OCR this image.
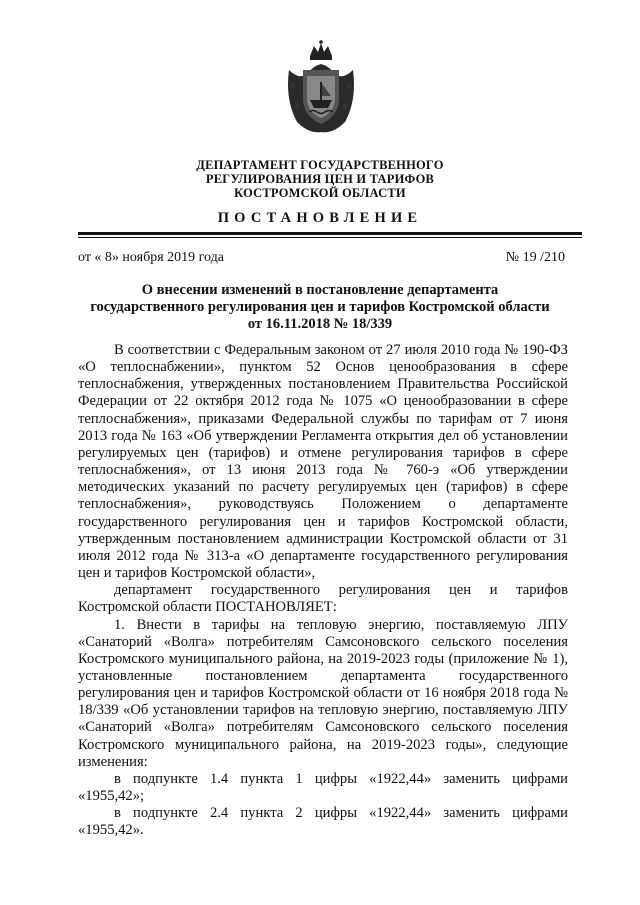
ДЕПАРТАМЕНТ ГОСУДАРСТВЕННОГО
РЕГУЛИРОВАНИЯ ЦЕН И ТАРИФОВ
КОСТРОМСКОЙ ОБЛАСТИ
ПОСТАНОВЛЕНИЕ
от « 8» ноября 2019 года	№ 19 /210
О внесении изменений в постановление департамента
государственного регулирования цен и тарифов Костромской области
от 16.11.2018 № 18/339

В соответствии с Федеральным законом от 27 июля 2010 года № 190-ФЗ «О теплоснабжении», пунктом 52 Основ ценообразования в сфере теплоснабжения, утвержденных постановлением Правительства Российской Федерации от 22 октября 2012 года № 1075 «О ценообразовании в сфере теплоснабжения», приказами Федеральной службы по тарифам от 7 июня 2013 года № 163 «Об утверждении Регламента открытия дел об установлении регулируемых цен (тарифов) и отмене регулирования тарифов в сфере теплоснабжения», от 13 июня 2013 года № 760-э «Об утверждении методических указаний по расчету регулируемых цен (тарифов) в сфере теплоснабжения», руководствуясь Положением о департаменте государственного регулирования цен и тарифов Костромской области, утвержденным постановлением администрации Костромской области от 31 июля 2012 года № 313-а «О департаменте государственного регулирования цен и тарифов Костромской области»,

департамент государственного регулирования цен и тарифов Костромской области ПОСТАНОВЛЯЕТ:

1. Внести в тарифы на тепловую энергию, поставляемую ЛПУ «Санаторий «Волга» потребителям Самсоновского сельского поселения Костромского муниципального района, на 2019-2023 годы (приложение № 1), установленные постановлением департамента государственного регулирования цен и тарифов Костромской области от 16 ноября 2018 года № 18/339 «Об установлении тарифов на тепловую энергию, поставляемую ЛПУ «Санаторий «Волга» потребителям Самсоновского сельского поселения Костромского муниципального района, на 2019-2023 годы», следующие изменения:

в подпункте 1.4 пункта 1 цифры «1922,44» заменить цифрами «1955,42»;

в подпункте 2.4 пункта 2 цифры «1922,44» заменить цифрами «1955,42».
